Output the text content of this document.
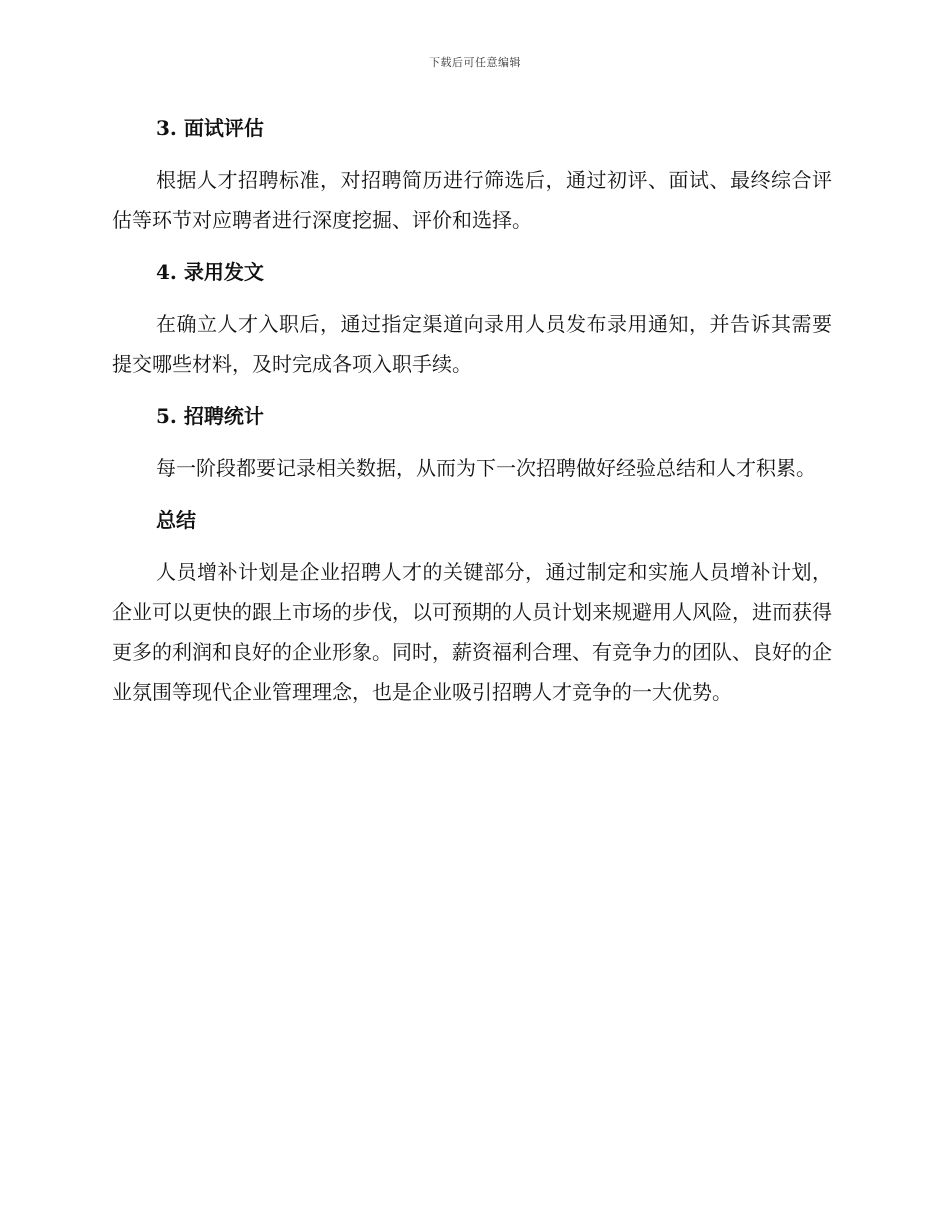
下载后可任意编辑
3. 面试评估

根据人才招聘标准，对招聘简历进行筛选后，通过初评、面试、最终综合评估等环节对应聘者进行深度挖掘、评价和选择。

4. 录用发文

在确立人才入职后，通过指定渠道向录用人员发布录用通知，并告诉其需要提交哪些材料，及时完成各项入职手续。

5. 招聘统计

每一阶段都要记录相关数据，从而为下一次招聘做好经验总结和人才积累。

总结

人员增补计划是企业招聘人才的关键部分，通过制定和实施人员增补计划，企业可以更快的跟上市场的步伐，以可预期的人员计划来规避用人风险，进而获得更多的利润和良好的企业形象。同时，薪资福利合理、有竞争力的团队、良好的企业氛围等现代企业管理理念，也是企业吸引招聘人才竞争的一大优势。
